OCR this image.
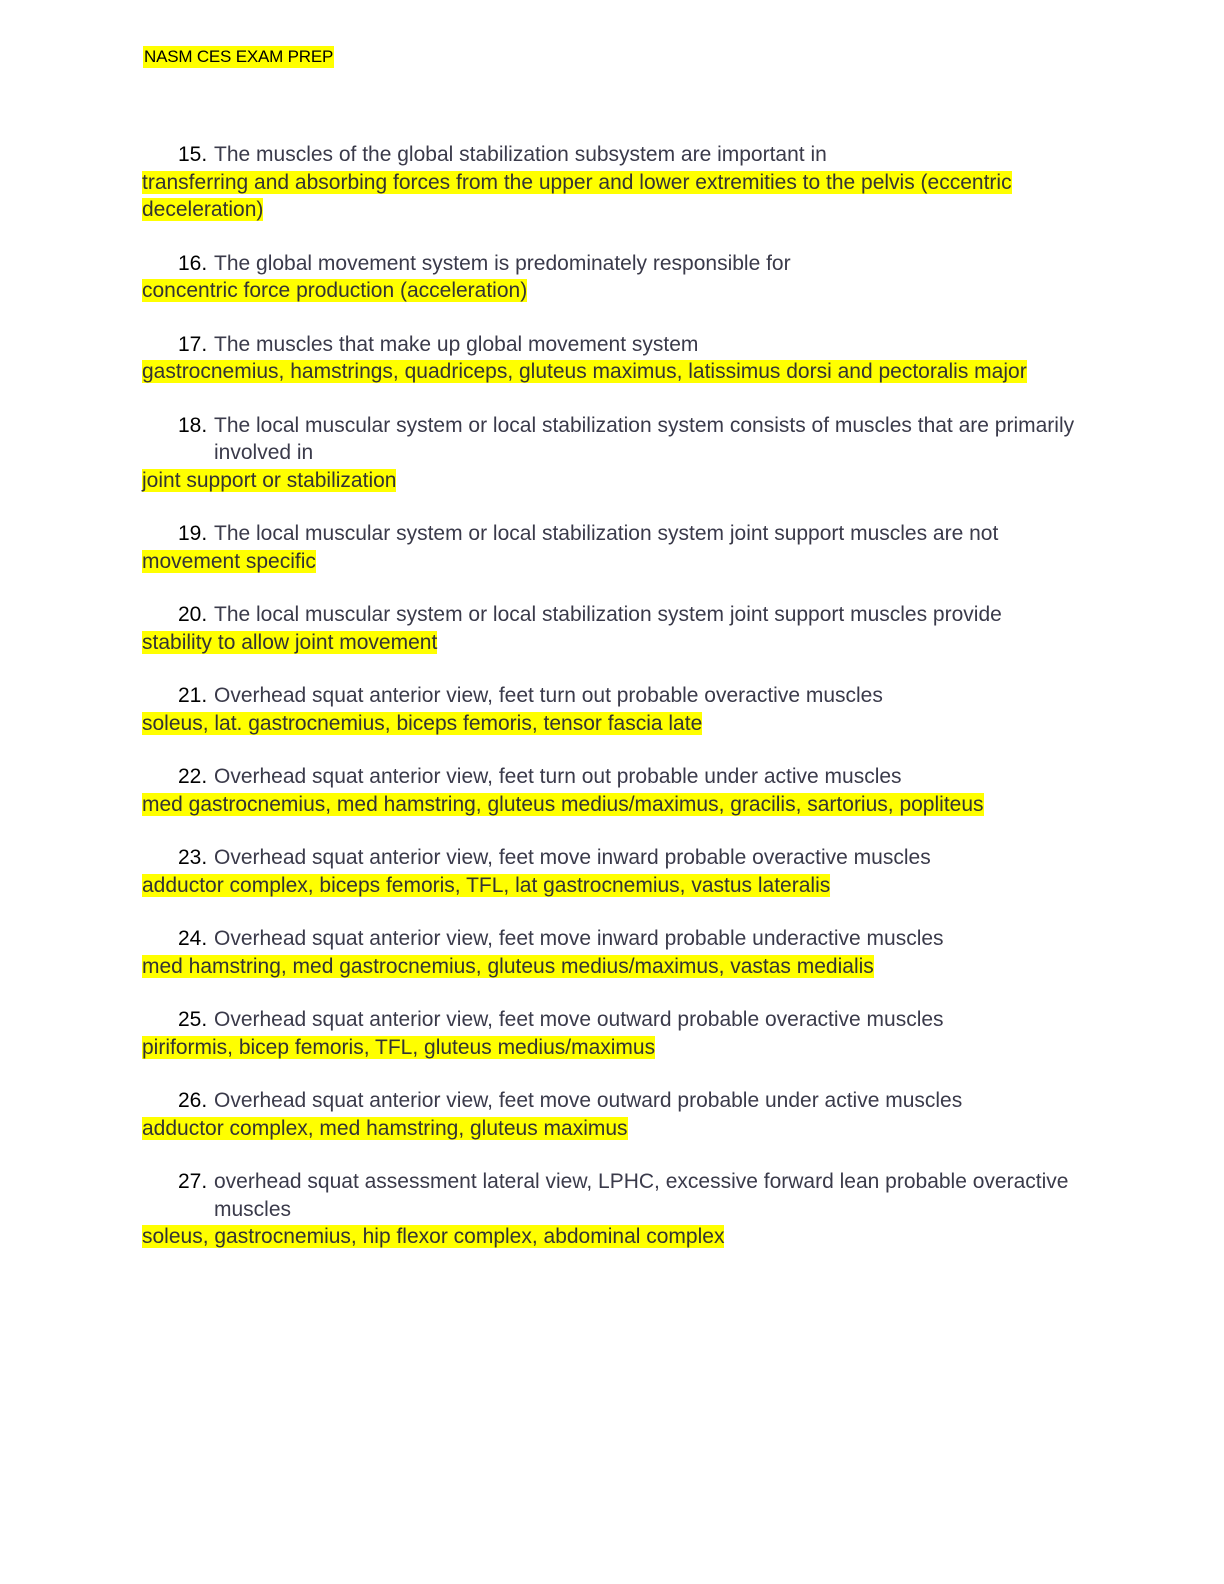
NASM CES EXAM PREP
15. The muscles of the global stabilization subsystem are important in
transferring and absorbing forces from the upper and lower extremities to the pelvis (eccentric deceleration)
16. The global movement system is predominately responsible for
concentric force production (acceleration)
17. The muscles that make up global movement system
gastrocnemius, hamstrings, quadriceps, gluteus maximus, latissimus dorsi and pectoralis major
18. The local muscular system or local stabilization system consists of muscles that are primarily involved in
joint support or stabilization
19. The local muscular system or local stabilization system joint support muscles are not
movement specific
20. The local muscular system or local stabilization system joint support muscles provide
stability to allow joint movement
21. Overhead squat anterior view, feet turn out probable overactive muscles
soleus, lat. gastrocnemius, biceps femoris, tensor fascia late
22. Overhead squat anterior view, feet turn out probable under active muscles
med gastrocnemius, med hamstring, gluteus medius/maximus, gracilis, sartorius, popliteus
23. Overhead squat anterior view, feet move inward probable overactive muscles
adductor complex, biceps femoris, TFL, lat gastrocnemius, vastus lateralis
24. Overhead squat anterior view, feet move inward probable underactive muscles
med hamstring, med gastrocnemius, gluteus medius/maximus, vastas medialis
25. Overhead squat anterior view, feet move outward probable overactive muscles
piriformis, bicep femoris, TFL, gluteus medius/maximus
26. Overhead squat anterior view, feet move outward probable under active muscles
adductor complex, med hamstring, gluteus maximus
27. overhead squat assessment lateral view, LPHC, excessive forward lean probable overactive muscles
soleus, gastrocnemius, hip flexor complex, abdominal complex
